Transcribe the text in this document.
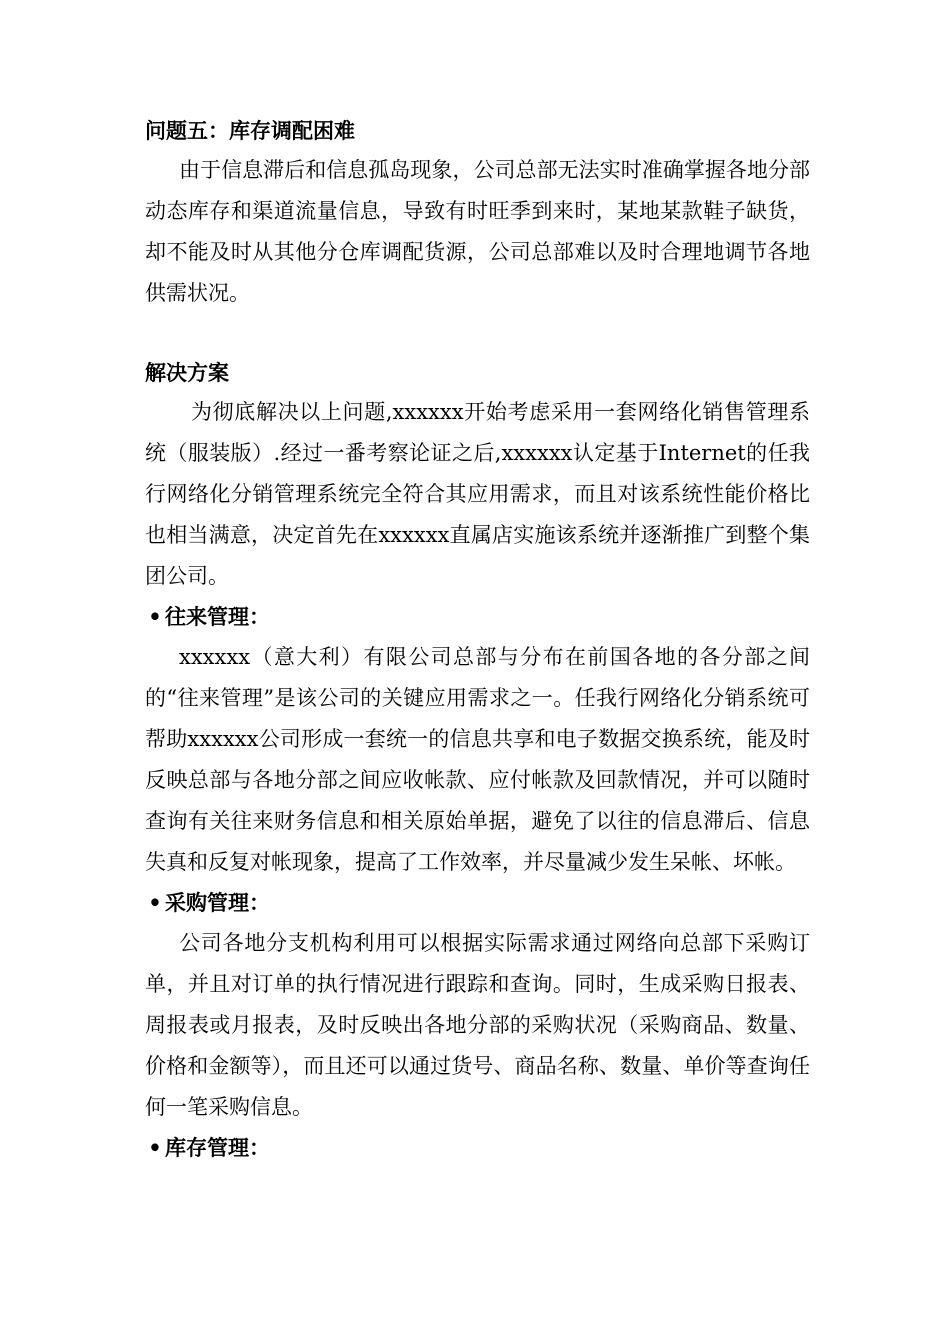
问题五：库存调配困难

由于信息滞后和信息孤岛现象，公司总部无法实时准确掌握各地分部动态库存和渠道流量信息，导致有时旺季到来时，某地某款鞋子缺货，却不能及时从其他分仓库调配货源，公司总部难以及时合理地调节各地供需状况。

解决方案

为彻底解决以上问题,xxxxxx开始考虑采用一套网络化销售管理系统（服装版）.经过一番考察论证之后,xxxxxx认定基于Internet的任我行网络化分销管理系统完全符合其应用需求，而且对该系统性能价格比也相当满意，决定首先在xxxxxx直属店实施该系统并逐渐推广到整个集团公司。

• 往来管理：

xxxxxx（意大利）有限公司总部与分布在前国各地的各分部之间的“往来管理”是该公司的关键应用需求之一。任我行网络化分销系统可帮助xxxxxx公司形成一套统一的信息共享和电子数据交换系统，能及时反映总部与各地分部之间应收帐款、应付帐款及回款情况，并可以随时查询有关往来财务信息和相关原始单据，避免了以往的信息滞后、信息失真和反复对帐现象，提高了工作效率，并尽量减少发生呆帐、坏帐。

• 采购管理：

公司各地分支机构利用可以根据实际需求通过网络向总部下采购订单，并且对订单的执行情况进行跟踪和查询。同时，生成采购日报表、周报表或月报表，及时反映出各地分部的采购状况（采购商品、数量、价格和金额等），而且还可以通过货号、商品名称、数量、单价等查询任何一笔采购信息。

• 库存管理：
